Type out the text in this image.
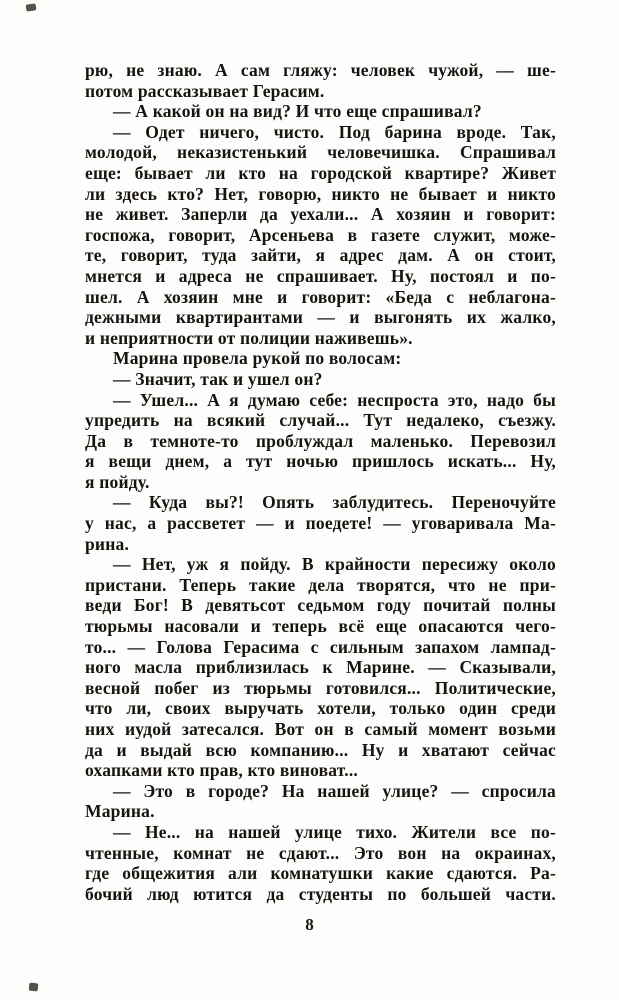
рю, не знаю. А сам гляжу: человек чужой, — ше-
потом рассказывает Герасим.
— А какой он на вид? И что еще спрашивал?
— Одет ничего, чисто. Под барина вроде. Так,
молодой, неказистенький человечишка. Спрашивал
еще: бывает ли кто на городской квартире? Живет
ли здесь кто? Нет, говорю, никто не бывает и никто
не живет. Заперли да уехали... А хозяин и говорит:
госпожа, говорит, Арсеньева в газете служит, може-
те, говорит, туда зайти, я адрес дам. А он стоит,
мнется и адреса не спрашивает. Ну, постоял и по-
шел. А хозяин мне и говорит: «Беда с неблагона-
дежными квартирантами — и выгонять их жалко,
и неприятности от полиции наживешь».
Марина провела рукой по волосам:
— Значит, так и ушел он?
— Ушел... А я думаю себе: неспроста это, надо бы
упредить на всякий случай... Тут недалеко, съезжу.
Да в темноте-то проблуждал маленько. Перевозил
я вещи днем, а тут ночью пришлось искать... Ну,
я пойду.
— Куда вы?! Опять заблудитесь. Переночуйте
у нас, а рассветет — и поедете! — уговаривала Ма-
рина.
— Нет, уж я пойду. В крайности пересижу около
пристани. Теперь такие дела творятся, что не при-
веди Бог! В девятьсот седьмом году почитай полны
тюрьмы насовали и теперь всё еще опасаются чего-
то... — Голова Герасима с сильным запахом лампад-
ного масла приблизилась к Марине. — Сказывали,
весной побег из тюрьмы готовился... Политические,
что ли, своих выручать хотели, только один среди
них иудой затесался. Вот он в самый момент возьми
да и выдай всю компанию... Ну и хватают сейчас
охапками кто прав, кто виноват...
— Это в городе? На нашей улице? — спросила
Марина.
— Не... на нашей улице тихо. Жители все по-
чтенные, комнат не сдают... Это вон на окраинах,
где общежития али комнатушки какие сдаются. Ра-
бочий люд ютится да студенты по большей части.
8
